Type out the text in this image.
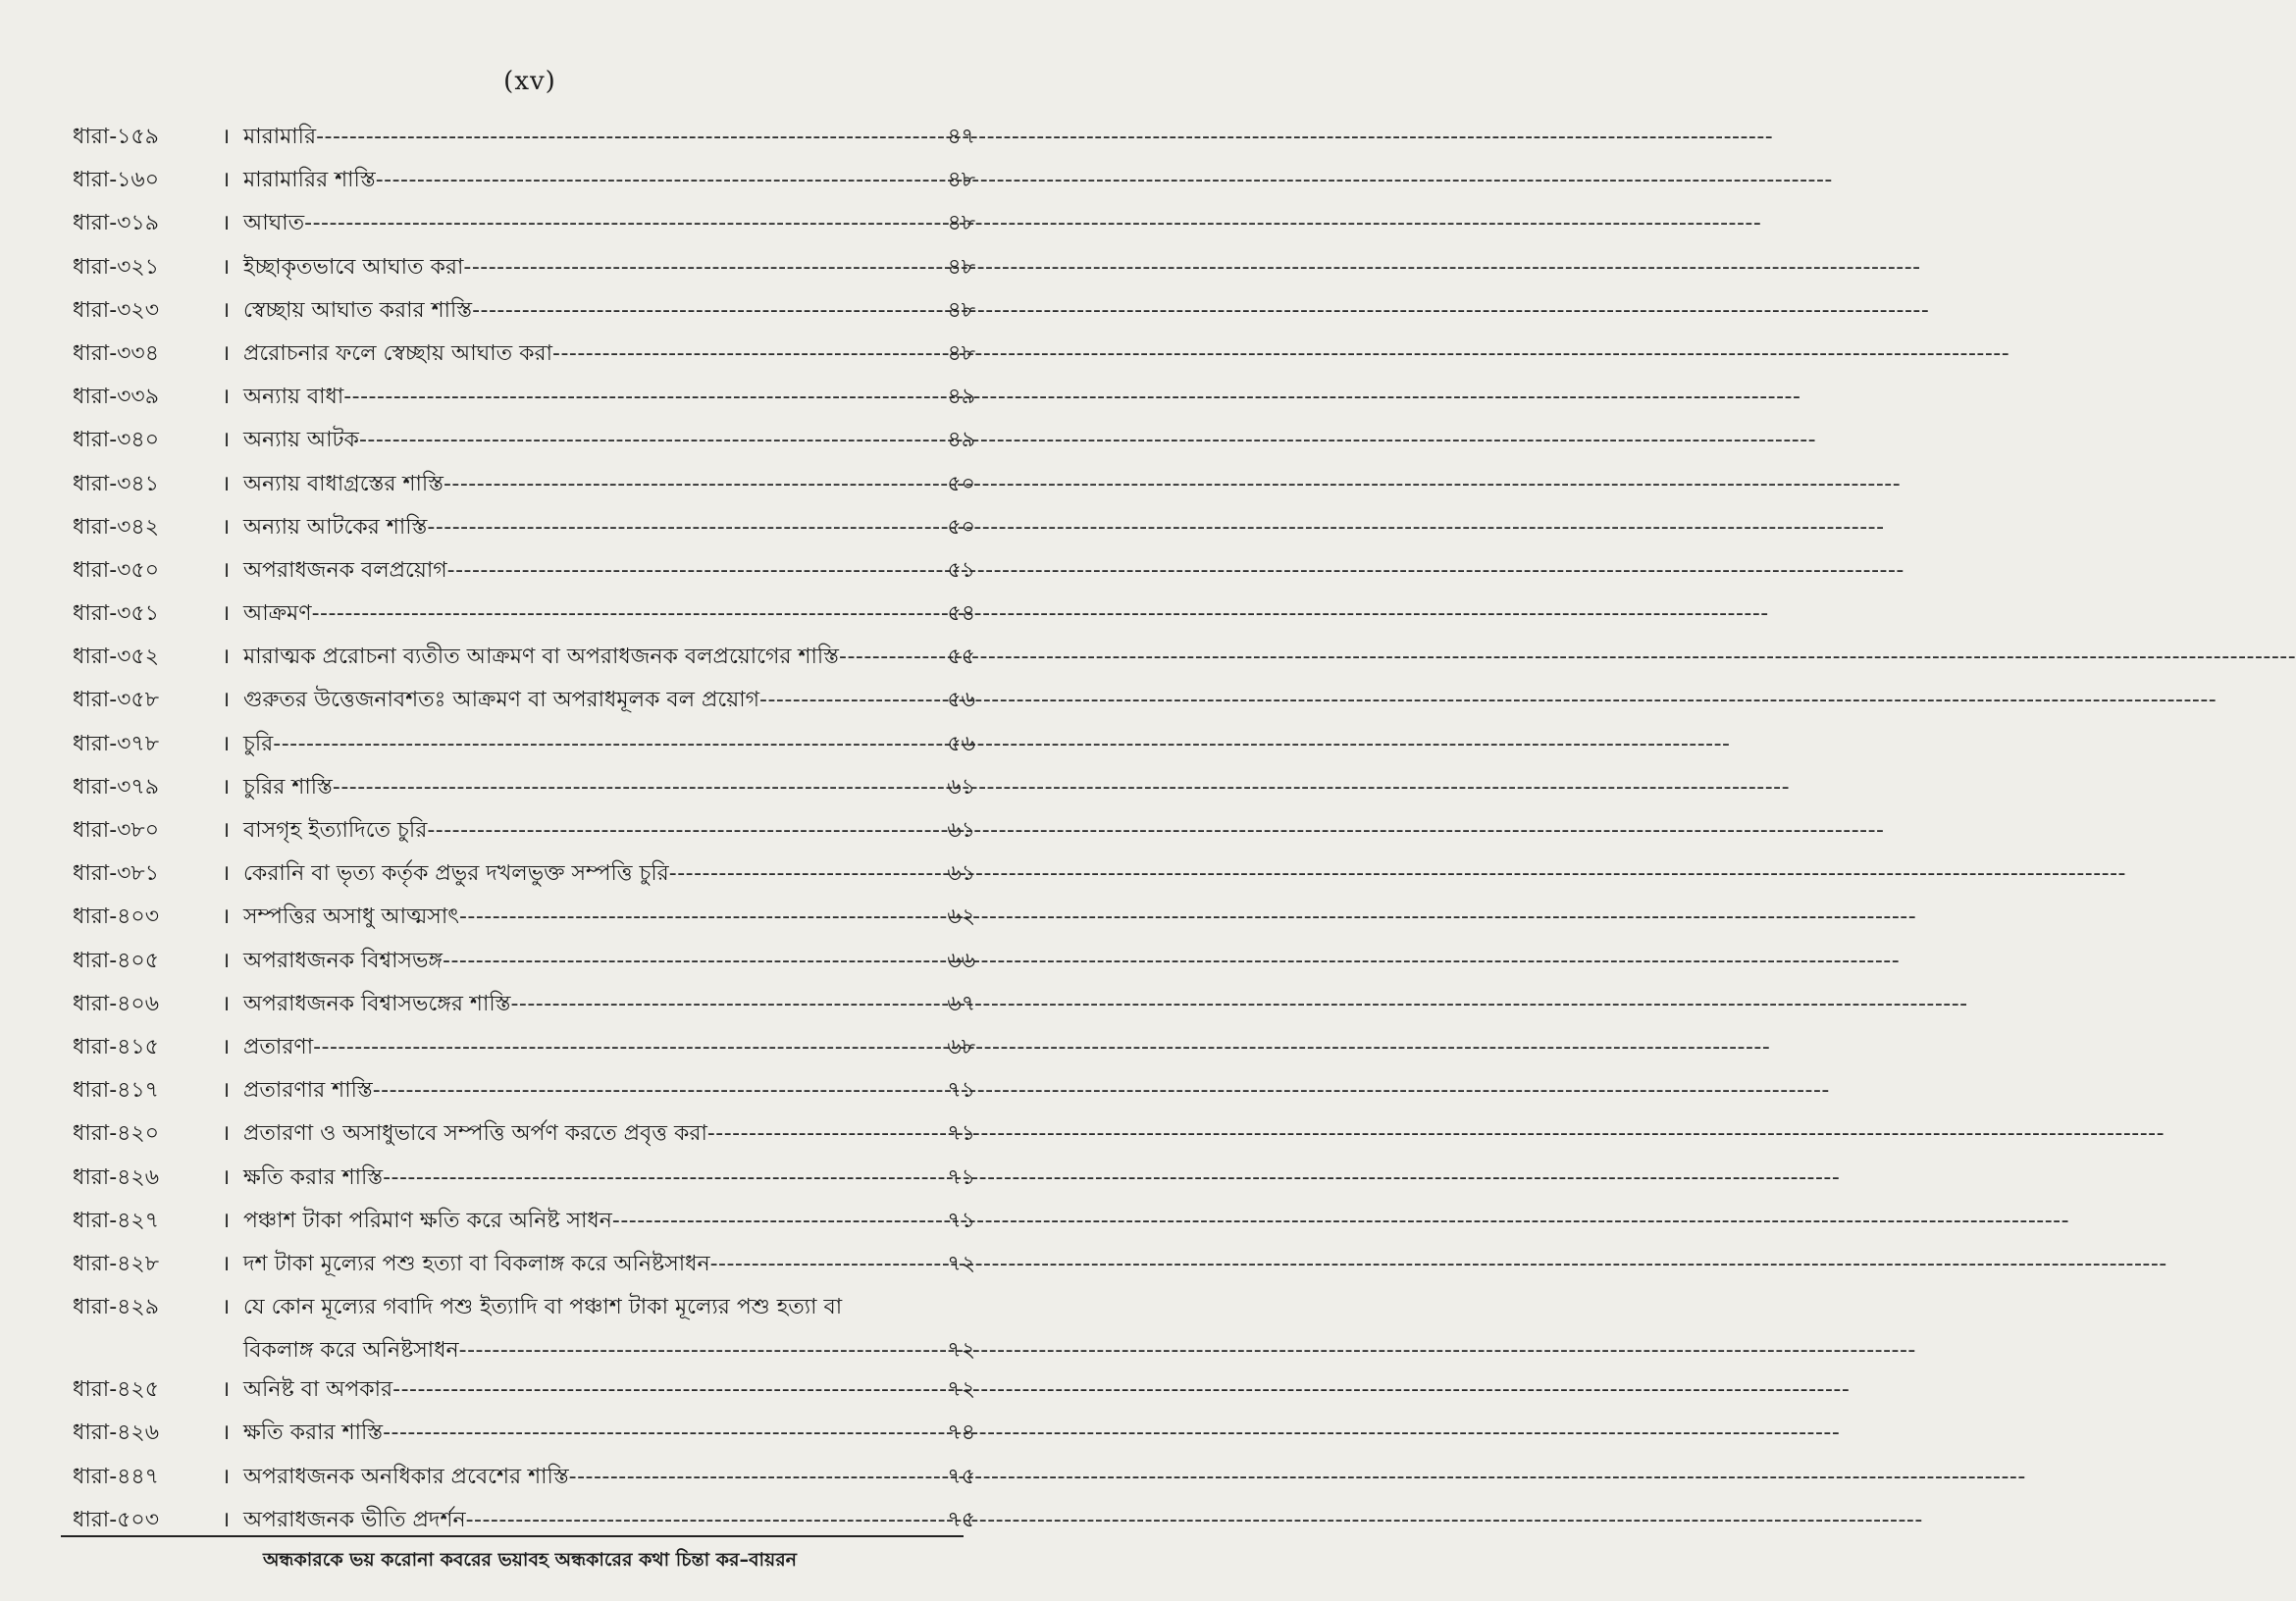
(xv)
ধারা-১৫৯	। মারামারি -----	৪৭
ধারা-১৬০	। মারামারির শাস্তি -----	৪৮
ধারা-৩১৯	। আঘাত -----	৪৮
ধারা-৩২১	। ইচ্ছাকৃতভাবে আঘাত করা -----	৪৮
ধারা-৩২৩	। স্বেচ্ছায় আঘাত করার শাস্তি -----	৪৮
ধারা-৩৩৪	। প্ররোচনার ফলে স্বেচ্ছায় আঘাত করা -----	৪৮
ধারা-৩৩৯	। অন্যায় বাধা -----	৪৯
ধারা-৩৪০	। অন্যায় আটক -----	৪৯
ধারা-৩৪১	। অন্যায় বাধাগ্রস্তের শাস্তি -----	৫০
ধারা-৩৪২	। অন্যায় আটকের শাস্তি -----	৫০
ধারা-৩৫০	। অপরাধজনক বলপ্রয়োগ -----	৫১
ধারা-৩৫১	। আক্রমণ -----	৫৪
ধারা-৩৫২	। মারাত্মক প্ররোচনা ব্যতীত আক্রমণ বা অপরাধজনক বলপ্রয়োগের শাস্তি -----	৫৫
ধারা-৩৫৮	। গুরুতর উত্তেজনাবশতঃ আক্রমণ বা অপরাধমূলক বল প্রয়োগ -----	৫৬
ধারা-৩৭৮	। চুরি -----	৫৬
ধারা-৩৭৯	। চুরির শাস্তি -----	৬১
ধারা-৩৮০	। বাসগৃহ ইত্যাদিতে চুরি -----	৬১
ধারা-৩৮১	। কেরানি বা ভৃত্য কর্তৃক প্রভুর দখলভুক্ত সম্পত্তি চুরি -----	৬১
ধারা-৪০৩	। সম্পত্তির অসাধু আত্মসাৎ -----	৬২
ধারা-৪০৫	। অপরাধজনক বিশ্বাসভঙ্গ -----	৬৬
ধারা-৪০৬	। অপরাধজনক বিশ্বাসভঙ্গের শাস্তি -----	৬৭
ধারা-৪১৫	। প্রতারণা -----	৬৮
ধারা-৪১৭	। প্রতারণার শাস্তি -----	৭১
ধারা-৪২০	। প্রতারণা ও অসাধুভাবে সম্পত্তি অর্পণ করতে প্রবৃত্ত করা -----	৭১
ধারা-৪২৬	। ক্ষতি করার শাস্তি -----	৭১
ধারা-৪২৭	। পঞ্চাশ টাকা পরিমাণ ক্ষতি করে অনিষ্ট সাধন -----	৭১
ধারা-৪২৮	। দশ টাকা মূল্যের পশু হত্যা বা বিকলাঙ্গ করে অনিষ্টসাধন -----	৭২
ধারা-৪২৯	। যে কোন মূল্যের গবাদি পশু ইত্যাদি বা পঞ্চাশ টাকা মূল্যের পশু হত্যা বা
বিকলাঙ্গ করে অনিষ্টসাধন -----	৭২
ধারা-৪২৫	। অনিষ্ট বা অপকার -----	৭২
ধারা-৪২৬	। ক্ষতি করার শাস্তি -----	৭৪
ধারা-৪৪৭	। অপরাধজনক অনধিকার প্রবেশের শাস্তি -----	৭৫
ধারা-৫০৩	। অপরাধজনক ভীতি প্রদর্শন -----	৭৫
অন্ধকারকে ভয় করোনা কবরের ভয়াবহ অন্ধকারের কথা চিন্তা কর–বায়রন
